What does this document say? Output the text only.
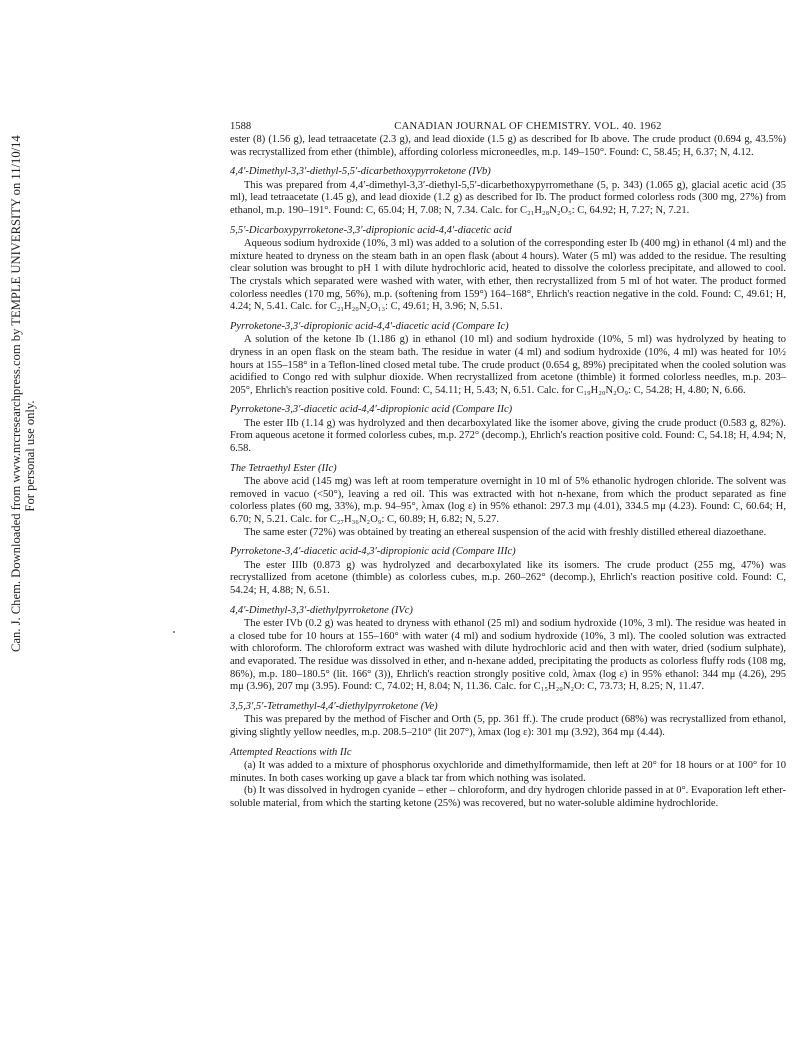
Can. J. Chem. Downloaded from www.nrcresearchpress.com by TEMPLE UNIVERSITY on 11/10/14 For personal use only.
1588	CANADIAN JOURNAL OF CHEMISTRY. VOL. 40. 1962

ester (8) (1.56 g), lead tetraacetate (2.3 g), and lead dioxide (1.5 g) as described for Ib above. The crude product (0.694 g, 43.5%) was recrystallized from ether (thimble), affording colorless microneedles, m.p. 149–150°. Found: C, 58.45; H, 6.37; N, 4.12.

4,4′-Dimethyl-3,3′-diethyl-5,5′-dicarbethoxypyrroketone (IVb)

This was prepared from 4,4′-dimethyl-3,3′-diethyl-5,5′-dicarbethoxypyrromethane (5, p. 343) (1.065 g), glacial acetic acid (35 ml), lead tetraacetate (1.45 g), and lead dioxide (1.2 g) as described for Ib. The product formed colorless rods (300 mg, 27%) from ethanol, m.p. 190–191°. Found: C, 65.04; H, 7.08; N, 7.34. Calc. for C₂₁H₂₈N₂O₅: C, 64.92; H, 7.27; N, 7.21.

5,5′-Dicarboxypyrroketone-3,3′-dipropionic acid-4,4′-diacetic acid

Aqueous sodium hydroxide (10%, 3 ml) was added to a solution of the corresponding ester Ib (400 mg) in ethanol (4 ml) and the mixture heated to dryness on the steam bath in an open flask (about 4 hours). Water (5 ml) was added to the residue. The resulting clear solution was brought to pH 1 with dilute hydrochloric acid, heated to dissolve the colorless precipitate, and allowed to cool. The crystals which separated were washed with water, with ether, then recrystallized from 5 ml of hot water. The product formed colorless needles (170 mg, 56%), m.p. (softening from 159°) 164–168°, Ehrlich's reaction negative in the cold. Found: C, 49.61; H, 4.24; N, 5.41. Calc. for C₂₁H₂₀N₂O₁₃: C, 49.61; H, 3.96; N, 5.51.

Pyrroketone-3,3′-dipropionic acid-4,4′-diacetic acid (Compare Ic)

A solution of the ketone Ib (1.186 g) in ethanol (10 ml) and sodium hydroxide (10%, 5 ml) was hydrolyzed by heating to dryness in an open flask on the steam bath. The residue in water (4 ml) and sodium hydroxide (10%, 4 ml) was heated for 10½ hours at 155–158° in a Teflon-lined closed metal tube. The crude product (0.654 g, 89%) precipitated when the cooled solution was acidified to Congo red with sulphur dioxide. When recrystallized from acetone (thimble) it formed colorless needles, m.p. 203–205°, Ehrlich's reaction positive cold. Found: C, 54.11; H, 5.43; N, 6.51. Calc. for C₁₉H₂₀N₂O₉: C, 54.28; H, 4.80; N, 6.66.

Pyrroketone-3,3′-diacetic acid-4,4′-dipropionic acid (Compare IIc)

The ester IIb (1.14 g) was hydrolyzed and then decarboxylated like the isomer above, giving the crude product (0.583 g, 82%). From aqueous acetone it formed colorless cubes, m.p. 272° (decomp.), Ehrlich's reaction positive cold. Found: C, 54.18; H, 4.94; N, 6.58.

The Tetraethyl Ester (IIc)

The above acid (145 mg) was left at room temperature overnight in 10 ml of 5% ethanolic hydrogen chloride. The solvent was removed in vacuo (<50°), leaving a red oil. This was extracted with hot n-hexane, from which the product separated as fine colorless plates (60 mg, 33%), m.p. 94–95°, λmax (log ε) in 95% ethanol: 297.3 mμ (4.01), 334.5 mμ (4.23). Found: C, 60.64; H, 6.70; N, 5.21. Calc. for C₂₇H₃₆N₂O₉: C, 60.89; H, 6.82; N, 5.27.

The same ester (72%) was obtained by treating an ethereal suspension of the acid with freshly distilled ethereal diazoethane.

Pyrroketone-3,4′-diacetic acid-4,3′-dipropionic acid (Compare IIIc)

The ester IIIb (0.873 g) was hydrolyzed and decarboxylated like its isomers. The crude product (255 mg, 47%) was recrystallized from acetone (thimble) as colorless cubes, m.p. 260–262° (decomp.), Ehrlich's reaction positive cold. Found: C, 54.24; H, 4.88; N, 6.51.

4,4′-Dimethyl-3,3′-diethylpyrroketone (IVc)

The ester IVb (0.2 g) was heated to dryness with ethanol (25 ml) and sodium hydroxide (10%, 3 ml). The residue was heated in a closed tube for 10 hours at 155–160° with water (4 ml) and sodium hydroxide (10%, 3 ml). The cooled solution was extracted with chloroform. The chloroform extract was washed with dilute hydrochloric acid and then with water, dried (sodium sulphate), and evaporated. The residue was dissolved in ether, and n-hexane added, precipitating the products as colorless fluffy rods (108 mg, 86%), m.p. 180–180.5° (lit. 166° (3)), Ehrlich's reaction strongly positive cold, λmax (log ε) in 95% ethanol: 344 mμ (4.26), 295 mμ (3.96), 207 mμ (3.95). Found: C, 74.02; H, 8.04; N, 11.36. Calc. for C₁₅H₂₀N₂O: C, 73.73; H, 8.25; N, 11.47.

3,5,3′,5′-Tetramethyl-4,4′-diethylpyrroketone (Ve)

This was prepared by the method of Fischer and Orth (5, pp. 361 ff.). The crude product (68%) was recrystallized from ethanol, giving slightly yellow needles, m.p. 208.5–210° (lit 207°), λmax (log ε): 301 mμ (3.92), 364 mμ (4.44).

Attempted Reactions with IIc

(a) It was added to a mixture of phosphorus oxychloride and dimethylformamide, then left at 20° for 18 hours or at 100° for 10 minutes. In both cases working up gave a black tar from which nothing was isolated.

(b) It was dissolved in hydrogen cyanide – ether – chloroform, and dry hydrogen chloride passed in at 0°. Evaporation left ether-soluble material, from which the starting ketone (25%) was recovered, but no water-soluble aldimine hydrochloride.
